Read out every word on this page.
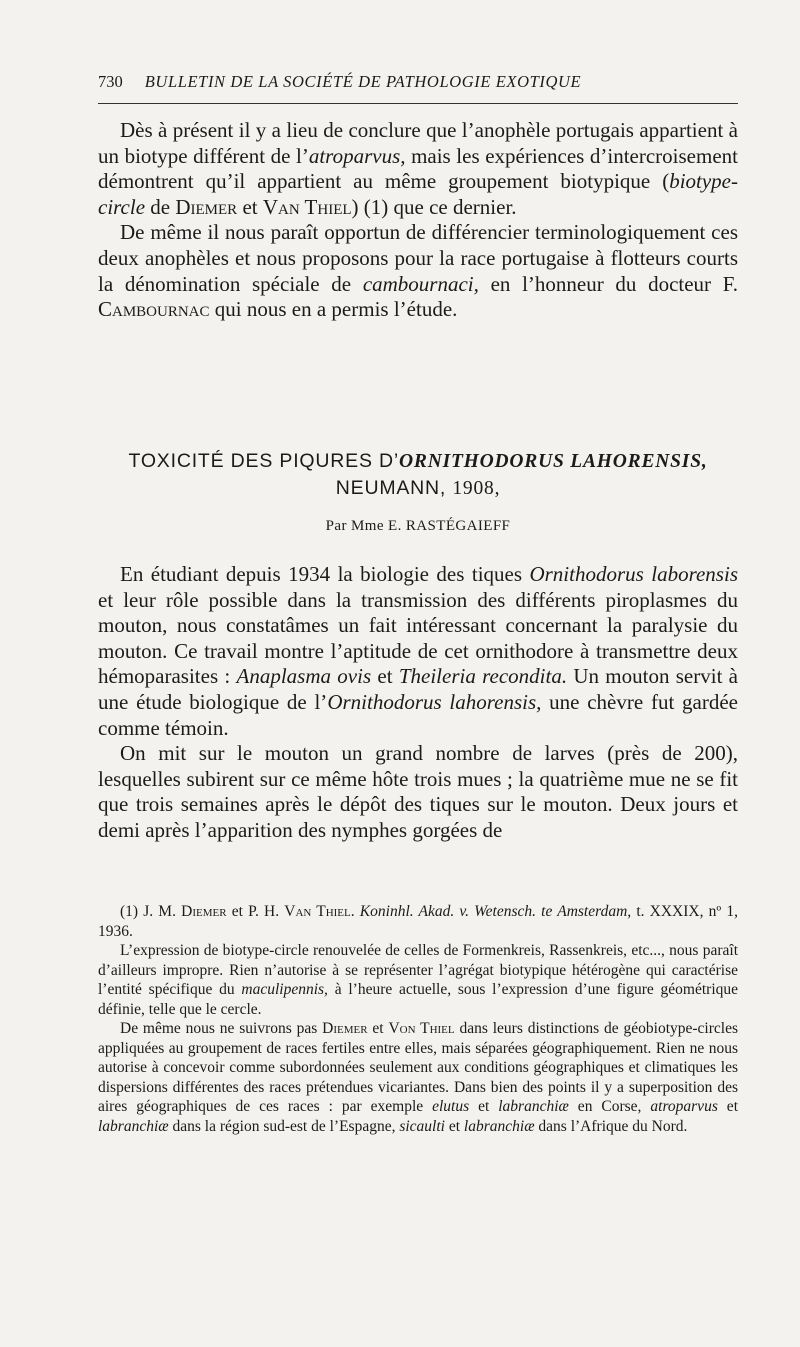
730 BULLETIN DE LA SOCIÉTÉ DE PATHOLOGIE EXOTIQUE

Dès à présent il y a lieu de conclure que l’anophèle portugais appartient à un biotype différent de l’atroparvus, mais les expériences d’intercroisement démontrent qu’il appartient au même groupement biotypique (biotype-circle de Diemer et Van Thiel) (1) que ce dernier.

De même il nous paraît opportun de différencier terminologiquement ces deux anophèles et nous proposons pour la race portugaise à flotteurs courts la dénomination spéciale de cambournaci, en l’honneur du docteur F. Cambournac qui nous en a permis l’étude.

TOXICITÉ DES PIQURES D’ORNITHODORUS LAHORENSIS,
NEUMANN, 1908,
Par Mme E. RASTÉGAIEFF

En étudiant depuis 1934 la biologie des tiques Ornithodorus laborensis et leur rôle possible dans la transmission des différents piroplasmes du mouton, nous constatâmes un fait intéressant concernant la paralysie du mouton. Ce travail montre l’aptitude de cet ornithodore à transmettre deux hémoparasites : Anaplasma ovis et Theileria recondita. Un mouton servit à une étude biologique de l’Ornithodorus lahorensis, une chèvre fut gardée comme témoin.

On mit sur le mouton un grand nombre de larves (près de 200), lesquelles subirent sur ce même hôte trois mues ; la quatrième mue ne se fit que trois semaines après le dépôt des tiques sur le mouton. Deux jours et demi après l’apparition des nymphes gorgées de

(1) J. M. Diemer et P. H. Van Thiel. Koninhl. Akad. v. Wetensch. te Amsterdam, t. XXXIX, nº 1, 1936.

L’expression de biotype-circle renouvelée de celles de Formenkreis, Rassenkreis, etc..., nous paraît d’ailleurs impropre. Rien n’autorise à se représenter l’agrégat biotypique hétérogène qui caractérise l’entité spécifique du maculipennis, à l’heure actuelle, sous l’expression d’une figure géométrique définie, telle que le cercle.

De même nous ne suivrons pas Diemer et Von Thiel dans leurs distinctions de géobiotype-circles appliquées au groupement de races fertiles entre elles, mais séparées géographiquement. Rien ne nous autorise à concevoir comme subordonnées seulement aux conditions géographiques et climatiques les dispersions différentes des races prétendues vicariantes. Dans bien des points il y a superposition des aires géographiques de ces races : par exemple elutus et labranchiæ en Corse, atroparvus et labranchiæ dans la région sud-est de l’Espagne, sicaulti et labranchiæ dans l’Afrique du Nord.
